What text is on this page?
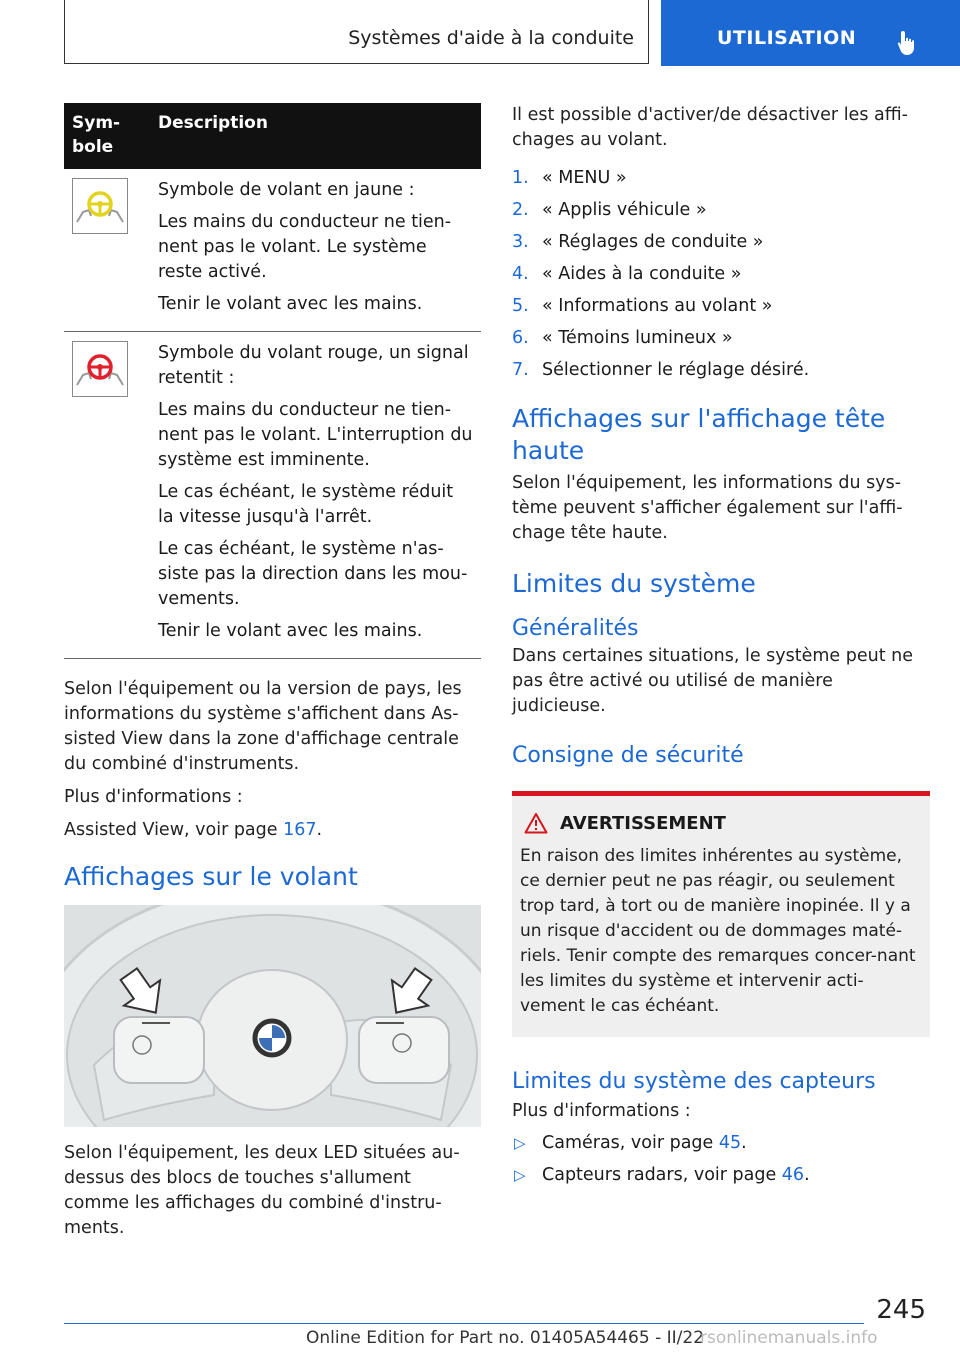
Systèmes d'aide à la conduite	UTILISATION
Sym-bole	Description

Symbole de volant en jaune :
Les mains du conducteur ne tien-nent pas le volant. Le système reste activé.
Tenir le volant avec les mains.

Symbole du volant rouge, un signal retentit :
Les mains du conducteur ne tien-nent pas le volant. L'interruption du système est imminente.
Le cas échéant, le système réduit la vitesse jusqu'à l'arrêt.
Le cas échéant, le système n'as-siste pas la direction dans les mou-vements.
Tenir le volant avec les mains.
Selon l'équipement ou la version de pays, les informations du système s'affichent dans As-sisted View dans la zone d'affichage centrale du combiné d'instruments.
Plus d'informations :
Assisted View, voir page 167.
Affichages sur le volant
Selon l'équipement, les deux LED situées au-dessus des blocs de touches s'allument comme les affichages du combiné d'instru-ments.
Il est possible d'activer/de désactiver les affi-chages au volant.
1. « MENU »
2. « Applis véhicule »
3. « Réglages de conduite »
4. « Aides à la conduite »
5. « Informations au volant »
6. « Témoins lumineux »
7. Sélectionner le réglage désiré.
Affichages sur l'affichage tête haute
Selon l'équipement, les informations du sys-tème peuvent s'afficher également sur l'affi-chage tête haute.
Limites du système
Généralités
Dans certaines situations, le système peut ne pas être activé ou utilisé de manière judicieuse.
Consigne de sécurité
AVERTISSEMENT
En raison des limites inhérentes au système, ce dernier peut ne pas réagir, ou seulement trop tard, à tort ou de manière inopinée. Il y a un risque d'accident ou de dommages maté-riels. Tenir compte des remarques concer-nant les limites du système et intervenir acti-vement le cas échéant.
Limites du système des capteurs
Plus d'informations :
▷ Caméras, voir page 45.
▷ Capteurs radars, voir page 46.
245
Online Edition for Part no. 01405A54465 - II/22
rsonlinemanuals.info
